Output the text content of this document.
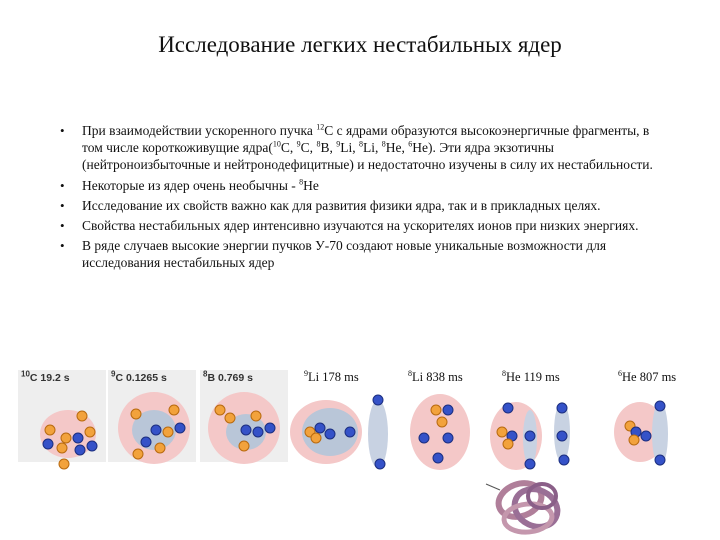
Исследование легких нестабильных ядер
• При взаимодействии ускоренного пучка $^{12}$С с ядрами образуются высокоэнергичные фрагменты, в том числе короткоживущие ядра($^{10}$С, $^9$С, $^8$В, $^9$Li, $^8$Li, $^8$He, $^6$He). Эти ядра экзотичны (нейтроноизбыточные и нейтронодефицитные) и недостаточно изучены в силу их нестабильности.
• Некоторые из ядер очень необычны - $^8$He
• Исследование их свойств важно как для развития физики ядра, так и в прикладных целях.
• Свойства нестабильных ядер интенсивно изучаются на ускорителях ионов при низких энергиях.
• В ряде случаев высокие энергии пучков У-70 создают новые уникальные возможности для исследования нестабильных ядер
$^{10}$C 19.2 s	$^9$C 0.1265 s	$^8$B 0.769 s	$^9$Li 178 ms	$^8$Li 838 ms	$^8$He 119 ms	$^6$He 807 ms
